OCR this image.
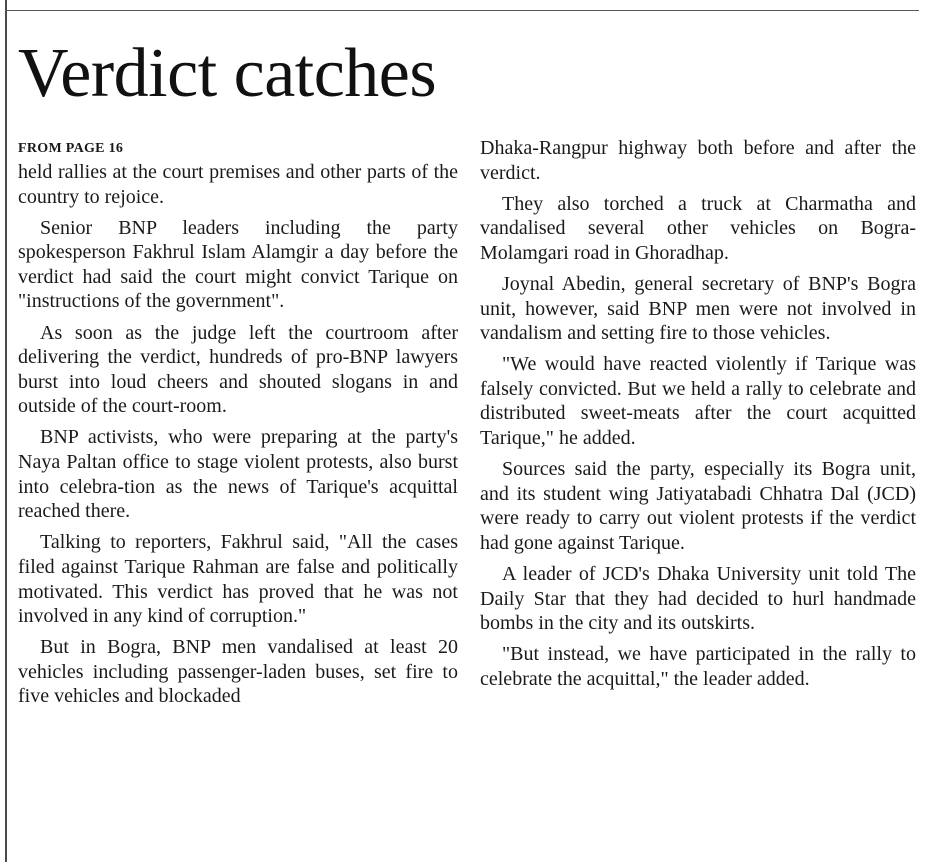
Verdict catches
FROM PAGE 16

held rallies at the court premises and other parts of the country to rejoice.

Senior BNP leaders including the party spokesperson Fakhrul Islam Alamgir a day before the verdict had said the court might convict Tarique on "instructions of the government".

As soon as the judge left the courtroom after delivering the verdict, hundreds of pro-BNP lawyers burst into loud cheers and shouted slogans in and outside of the court-room.

BNP activists, who were preparing at the party's Naya Paltan office to stage violent protests, also burst into celebra-tion as the news of Tarique's acquittal reached there.

Talking to reporters, Fakhrul said, "All the cases filed against Tarique Rahman are false and politically motivated. This verdict has proved that he was not involved in any kind of corruption."

But in Bogra, BNP men vandalised at least 20 vehicles including passenger-laden buses, set fire to five vehicles and blockaded

Dhaka-Rangpur highway both before and after the verdict.

They also torched a truck at Charmatha and vandalised several other vehicles on Bogra-Molamgari road in Ghoradhap.

Joynal Abedin, general secretary of BNP's Bogra unit, however, said BNP men were not involved in vandalism and setting fire to those vehicles.

"We would have reacted violently if Tarique was falsely convicted. But we held a rally to celebrate and distributed sweet-meats after the court acquitted Tarique," he added.

Sources said the party, especially its Bogra unit, and its student wing Jatiyatabadi Chhatra Dal (JCD) were ready to carry out violent protests if the verdict had gone against Tarique.

A leader of JCD's Dhaka University unit told The Daily Star that they had decided to hurl handmade bombs in the city and its outskirts.

"But instead, we have participated in the rally to celebrate the acquittal," the leader added.
